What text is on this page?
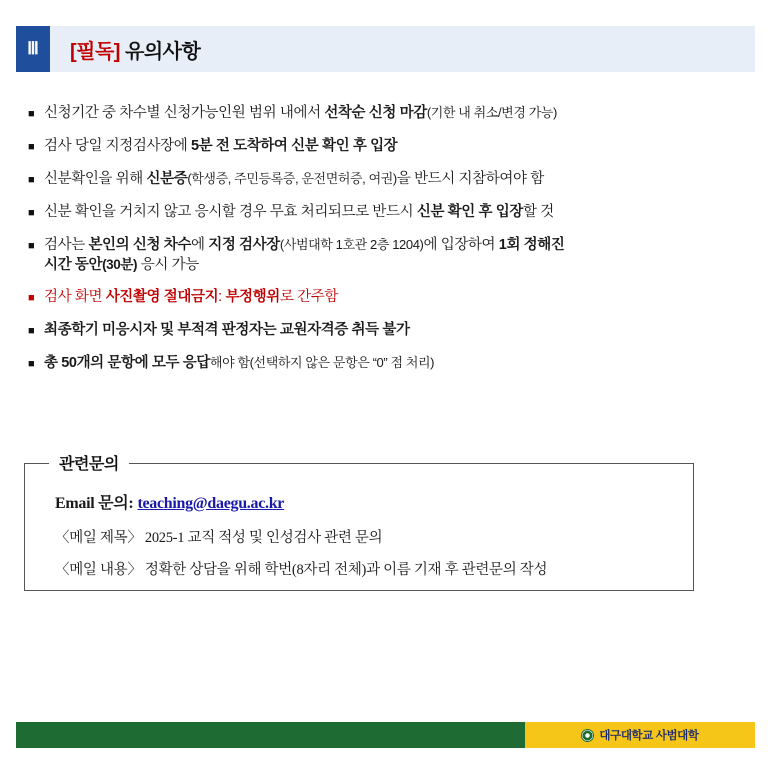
Ⅲ	[필독] 유의사항
■ 신청기간 중 차수별 신청가능인원 범위 내에서 선착순 신청 마감(기한 내 취소/변경 가능)
■ 검사 당일 지정검사장에 5분 전 도착하여 신분 확인 후 입장
■ 신분확인을 위해 신분증(학생증, 주민등록증, 운전면허증, 여권)을 반드시 지참하여야 함
■ 신분 확인을 거치지 않고 응시할 경우 무효 처리되므로 반드시 신분 확인 후 입장할 것
■ 검사는 본인의 신청 차수에 지정 검사장(사범대학 1호관 2층 1204)에 입장하여 1회 정해진
시간 동안(30분) 응시 가능
■ 검사 화면 사진촬영 절대금지: 부정행위로 간주함
■ 최종학기 미응시자 및 부적격 판정자는 교원자격증 취득 불가
■ 총 50개의 문항에 모두 응답해야 함(선택하지 않은 문항은 “0” 점 처리)
관련문의
Email 문의: teaching@daegu.ac.kr
〈메일 제목〉 2025-1 교직 적성 및 인성검사 관련 문의
〈메일 내용〉 정확한 상담을 위해 학번(8자리 전체)과 이름 기재 후 관련문의 작성
대구대학교 사범대학
